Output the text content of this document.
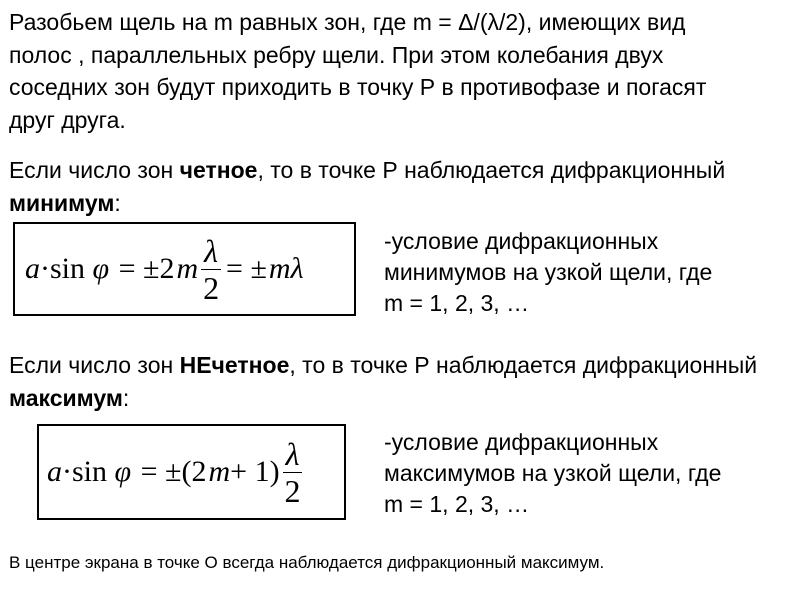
Разобьем щель на m равных зон, где m = Δ/(λ/2), имеющих вид
полос , параллельных ребру щели. При этом колебания двух
соседних зон будут приходить в точку Р в противофазе и погасят
друг друга.
Если число зон четное, то в точке Р наблюдается дифракционный
минимум:
a ·sin
φ
= ±2 m $\frac{\lambda}{2}$ = ± m λ
-условие дифракционных
минимумов на узкой щели, где
m = 1, 2, 3, …
Если число зон НЕчетное, то в точке Р наблюдается дифракционный
максимум:
a ·sin
φ
= ±(2 $m + 1) \frac{\lambda}{2}$	-условие дифракционных
максимумов на узкой щели, где
m = 1, 2, 3, …

В центре экрана в точке О всегда наблюдается дифракционный максимум.
